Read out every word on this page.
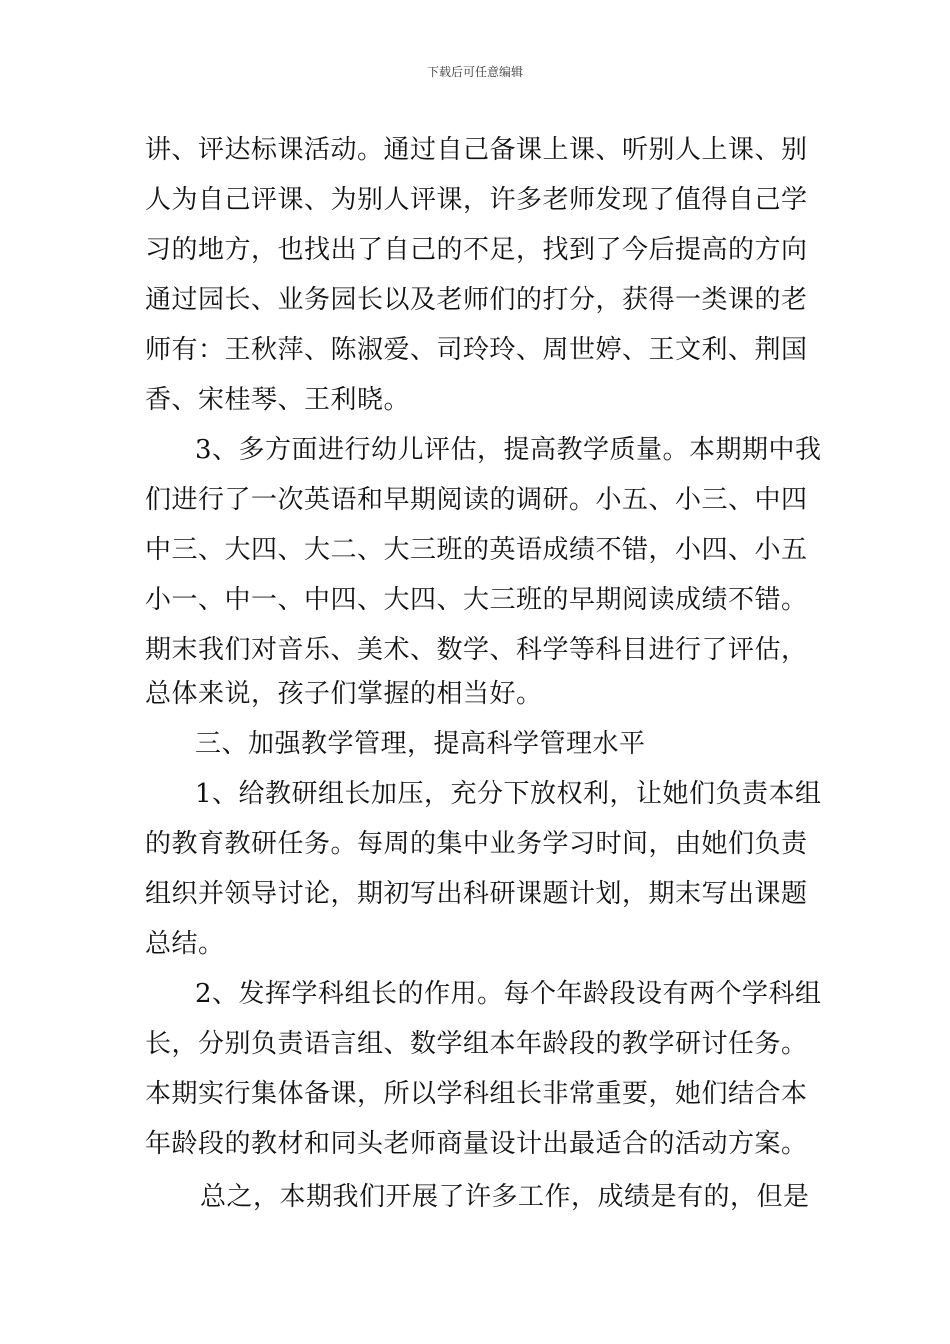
下载后可任意编辑
讲、评达标课活动。通过自己备课上课、听别人上课、别
人为自己评课、为别人评课，许多老师发现了值得自己学
习的地方，也找出了自己的不足，找到了今后提高的方向
通过园长、业务园长以及老师们的打分，获得一类课的老
师有：王秋萍、陈淑爱、司玲玲、周世婷、王文利、荆国
香、宋桂琴、王利晓。
3、多方面进行幼儿评估，提高教学质量。本期期中我
们进行了一次英语和早期阅读的调研。小五、小三、中四
中三、大四、大二、大三班的英语成绩不错，小四、小五
小一、中一、中四、大四、大三班的早期阅读成绩不错。
期末我们对音乐、美术、数学、科学等科目进行了评估，
总体来说，孩子们掌握的相当好。
三、加强教学管理，提高科学管理水平
1、给教研组长加压，充分下放权利，让她们负责本组
的教育教研任务。每周的集中业务学习时间，由她们负责
组织并领导讨论，期初写出科研课题计划，期末写出课题
总结。
2、发挥学科组长的作用。每个年龄段设有两个学科组
长，分别负责语言组、数学组本年龄段的教学研讨任务。
本期实行集体备课，所以学科组长非常重要，她们结合本
年龄段的教材和同头老师商量设计出最适合的活动方案。
总之，本期我们开展了许多工作，成绩是有的，但是
